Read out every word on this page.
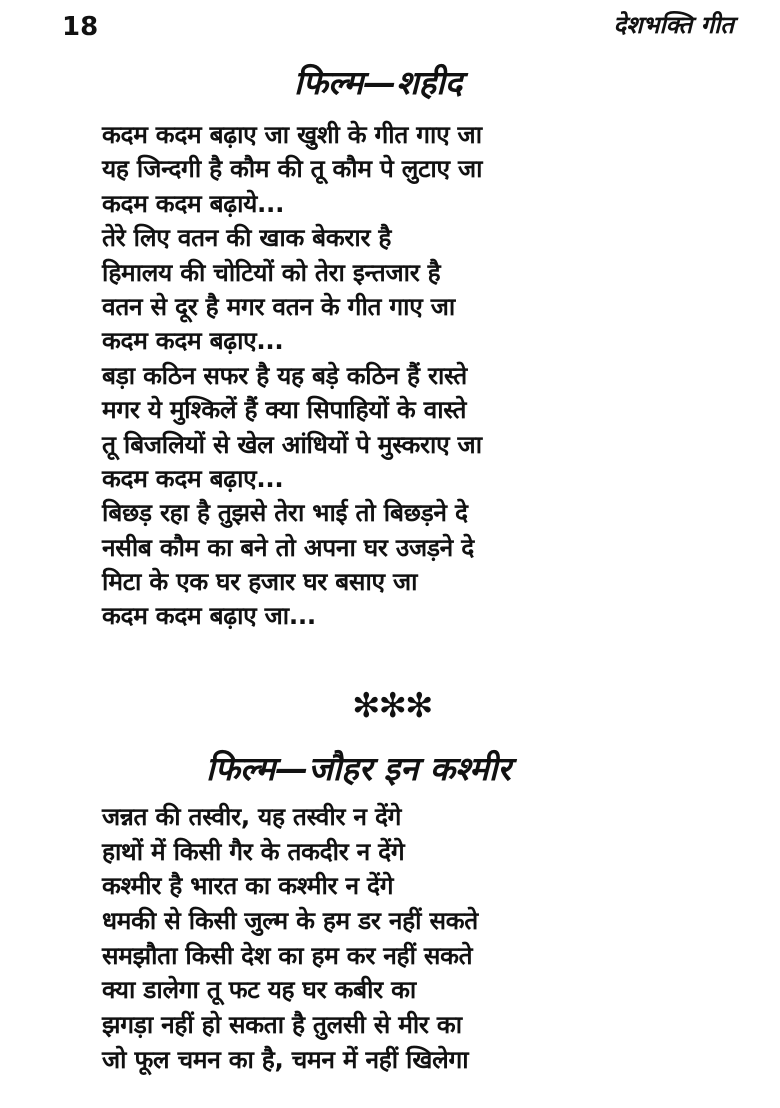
18	देशभक्ति गीत
फिल्म—शहीद
कदम कदम बढ़ाए जा खुशी के गीत गाए जा
यह जिन्दगी है कौम की तू कौम पे लुटाए जा
कदम कदम बढ़ाये...
तेरे लिए वतन की खाक बेकरार है
हिमालय की चोटियों को तेरा इन्तजार है
वतन से दूर है मगर वतन के गीत गाए जा
कदम कदम बढ़ाए...
बड़ा कठिन सफर है यह बड़े कठिन हैं रास्ते
मगर ये मुश्किलें हैं क्या सिपाहियों के वास्ते
तू बिजलियों से खेल आंधियों पे मुस्कराए जा
कदम कदम बढ़ाए...
बिछड़ रहा है तुझसे तेरा भाई तो बिछड़ने दे
नसीब कौम का बने तो अपना घर उजड़ने दे
मिटा के एक घर हजार घर बसाए जा
कदम कदम बढ़ाए जा...
✻✻✻
फिल्म—जौहर इन कश्मीर
जन्नत की तस्वीर, यह तस्वीर न देंगे
हाथों में किसी गैर के तकदीर न देंगे
कश्मीर है भारत का कश्मीर न देंगे
धमकी से किसी जुल्म के हम डर नहीं सकते
समझौता किसी देश का हम कर नहीं सकते
क्या डालेगा तू फट यह घर कबीर का
झगड़ा नहीं हो सकता है तुलसी से मीर का
जो फूल चमन का है, चमन में नहीं खिलेगा
